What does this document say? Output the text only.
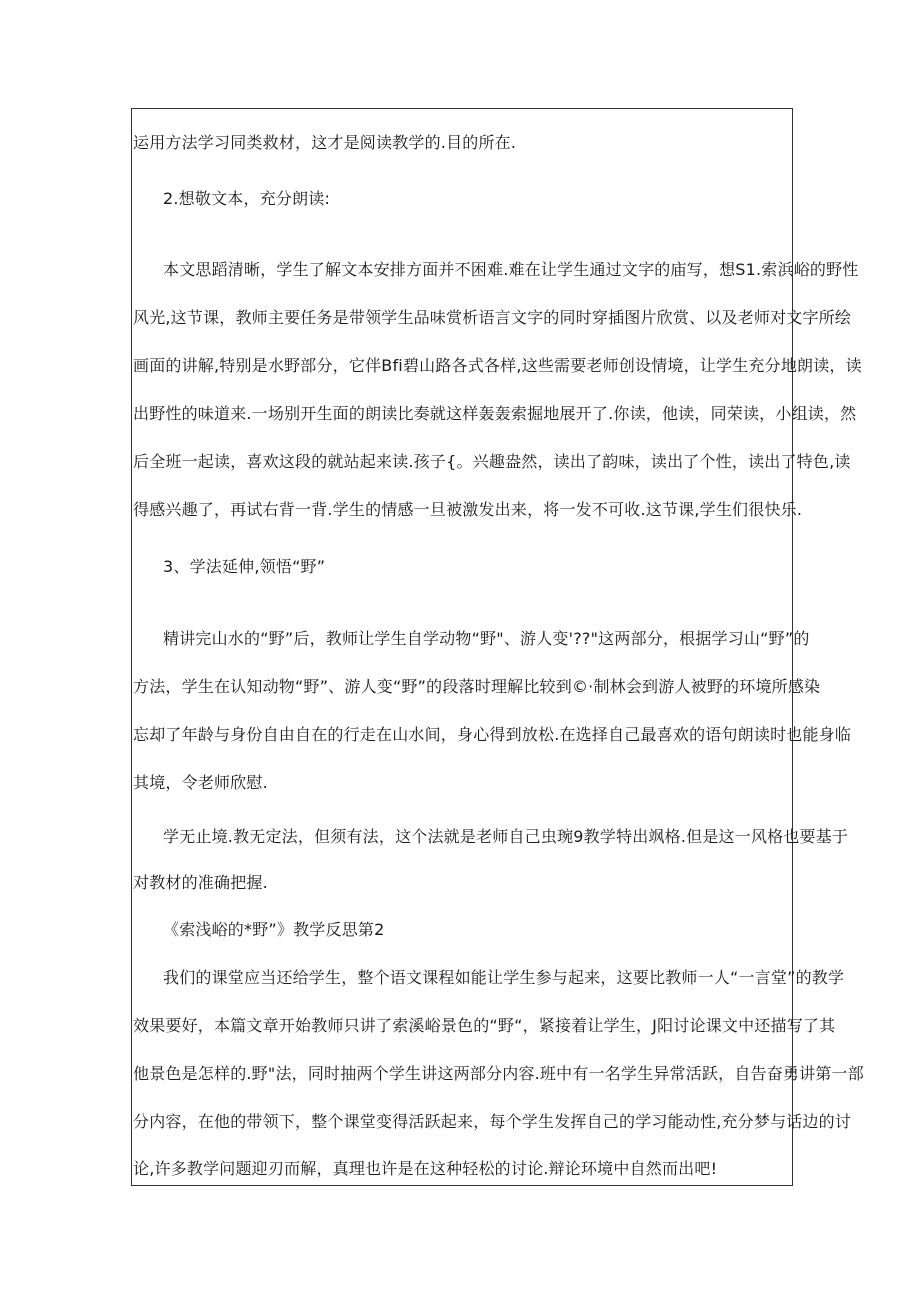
运用方法学习同类救材，这才是阅读教学的.目的所在.
2.想敬文本，充分朗读:
本文思蹈清晰，学生了解文本安排方面并不困难.难在让学生通过文字的庙写，想S1.索浜峪的野性
风光,这节课，教师主要任务是带领学生品味赏析语言文字的同时穿插图片欣赏、以及老师对文字所绘
画面的讲解,特别是水野部分，它伴Bfi碧山路各式各样,这些需要老师创设情境，让学生充分地朗读，读
出野性的味道来.一场别开生面的朗读比奏就这样轰轰索掘地展开了.你读，他读，同荣读，小组读，然
后全班一起读，喜欢这段的就站起来读.孩子{。兴趣盎然，读出了韵味，读出了个性，读出了特色,读
得感兴趣了，再试右背一背.学生的情感一旦被激发出来，将一发不可收.这节课,学生们很快乐.
3、学法延伸,领悟“野”
精讲完山水的“野”后，教师让学生自学动物“野"、游人变'??"这两部分，根据学习山“野”的
方法，学生在认知动物“野”、游人变“野”的段落时理解比较到©·制林会到游人被野的环境所感染
忘却了年龄与身份自由自在的行走在山水间，身心得到放松.在选择自己最喜欢的语句朗读时也能身临
其境，令老师欣慰.
学无止境.教无定法，但须有法，这个法就是老师自己虫琬9教学特出飒格.但是这一风格也要基于
对教材的准确把握.
《索浅峪的*野”》教学反思第2
我们的课堂应当还给学生，整个语文课程如能让学生参与起来，这要比教师一人“一言堂”的教学
效果要好，本篇文章开始教师只讲了索溪峪景色的“野“，紧接着让学生，J阳讨论课文中还描写了其
他景色是怎样的.野"法，同时抽两个学生讲这两部分内容.班中有一名学生异常活跃，自告奋勇讲第一部
分内容，在他的带领下，整个课堂变得活跃起来，每个学生发挥自己的学习能动性,充分梦与话边的讨
论,许多教学问题迎刃而解，真理也许是在这种轻松的讨论.辩论环境中自然而出吧!
